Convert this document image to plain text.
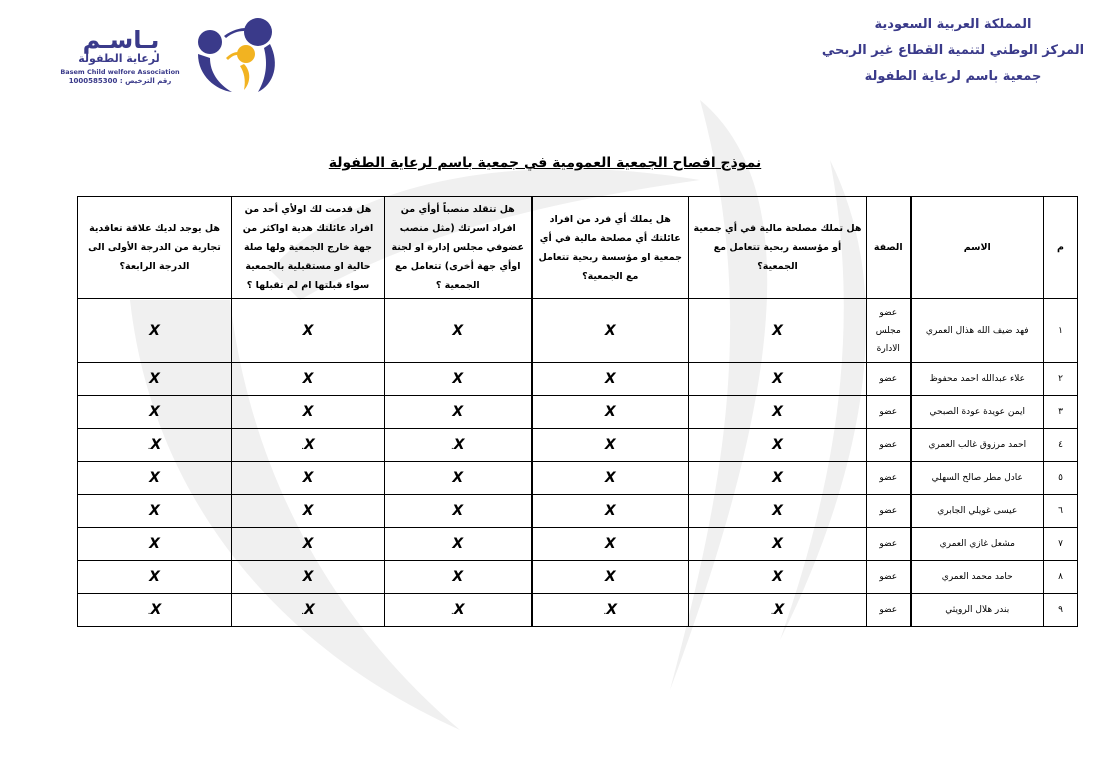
المملكة العربية السعودية
المركز الوطني لتنمية القطاع غير الربحي
جمعية باسم لرعاية الطفولة
بـاسـم
لرعاية الطفولة
Basem Child welfore Association
رقم الترخيص : 1000585300
نموذج افصاح الجمعية العمومية في جمعية باسم لرعاية الطفولة
م	الاسم	الصفة	هل تملك مصلحة مالية في أي جمعية أو مؤسسة ربحية تتعامل مع الجمعية؟	هل يملك أي فرد من افراد عائلتك أي مصلحة مالية في أي جمعية او مؤسسة ربحية تتعامل مع الجمعية؟	هل تتقلد منصباً أوأي من افراد اسرتك (مثل منصب عضوفي مجلس إدارة او لجنة اوأي جهة أخرى) تتعامل مع الجمعية ؟	هل قدمت لك اولأي أحد من افراد عائلتك هدية اواكثر من جهة خارج الجمعية ولها صلة حالية او مستقبلية بالجمعية سواء قبلتها ام لم تقبلها ؟	هل يوجد لديك علاقة تعاقدية تجارية من الدرجة الأولى الى الدرجة الرابعة؟
١	فهد ضيف الله هذال العمري	عضو مجلس الادارة	X	X	X	X	X
٢	علاء عبدالله احمد محفوظ	عضو	X	X	X	X	X
٣	ايمن عويدة عودة الصبحي	عضو	X	X	X	X	X
٤	احمد مرزوق غالب العمري	عضو	X	X	X.	X.	X.
٥	عادل مطر صالح السهلي	عضو	X	X	X	X	X
٦	عيسى غويلي الجابري	عضو	X	X	X	X	X
٧	مشعل غازي العمري	عضو	X	X	X	X	X
٨	حامد محمد العمري	عضو	X	X	X	X	X
٩	بندر هلال الرويثي	عضو	X.	X.	X.	X.	X.
